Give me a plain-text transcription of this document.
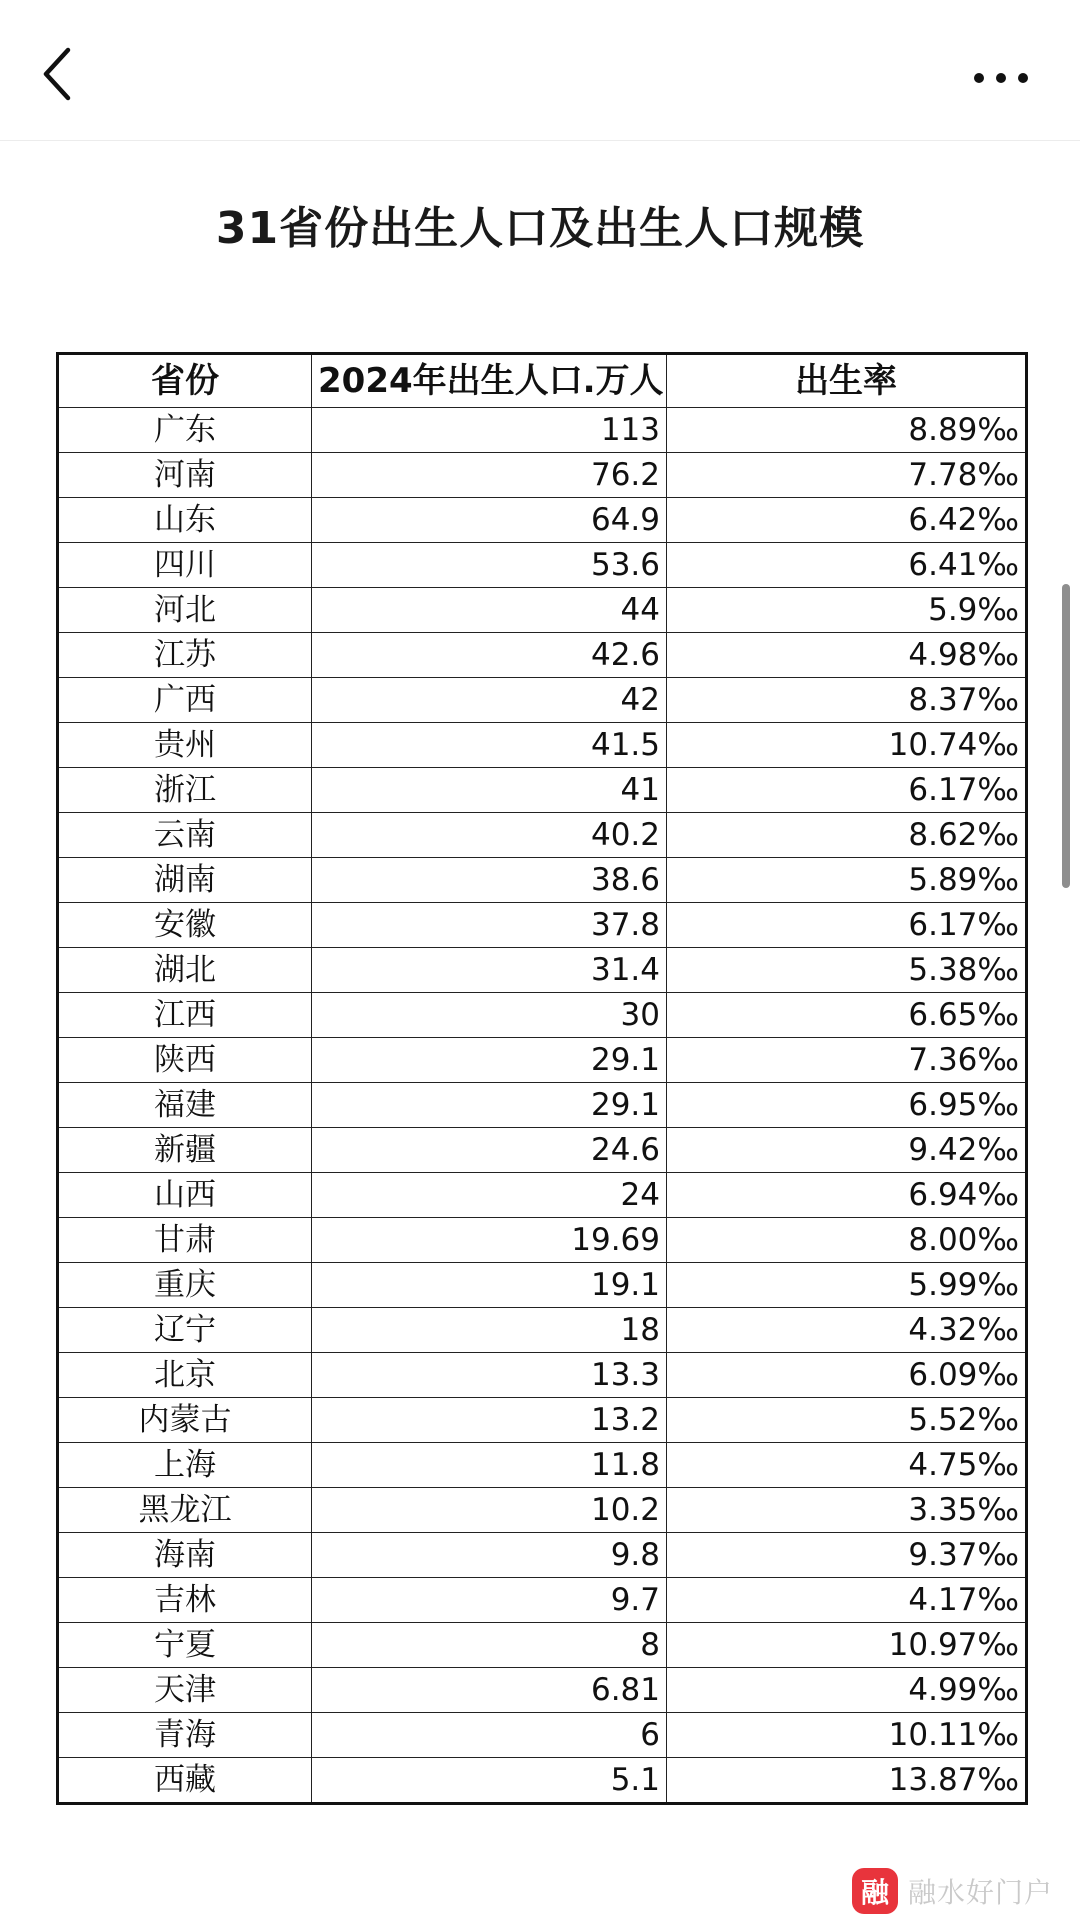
31省份出生人口及出生人口规模
省份	2024年出生人口.万人	出生率
广东	113	8.89‰
河南	76.2	7.78‰
山东	64.9	6.42‰
四川	53.6	6.41‰
河北	44	5.9‰
江苏	42.6	4.98‰
广西	42	8.37‰
贵州	41.5	10.74‰
浙江	41	6.17‰
云南	40.2	8.62‰
湖南	38.6	5.89‰
安徽	37.8	6.17‰
湖北	31.4	5.38‰
江西	30	6.65‰
陕西	29.1	7.36‰
福建	29.1	6.95‰
新疆	24.6	9.42‰
山西	24	6.94‰
甘肃	19.69	8.00‰
重庆	19.1	5.99‰
辽宁	18	4.32‰
北京	13.3	6.09‰
内蒙古	13.2	5.52‰
上海	11.8	4.75‰
黑龙江	10.2	3.35‰
海南	9.8	9.37‰
吉林	9.7	4.17‰
宁夏	8	10.97‰
天津	6.81	4.99‰
青海	6	10.11‰
西藏	5.1	13.87‰
融 融水好门户
